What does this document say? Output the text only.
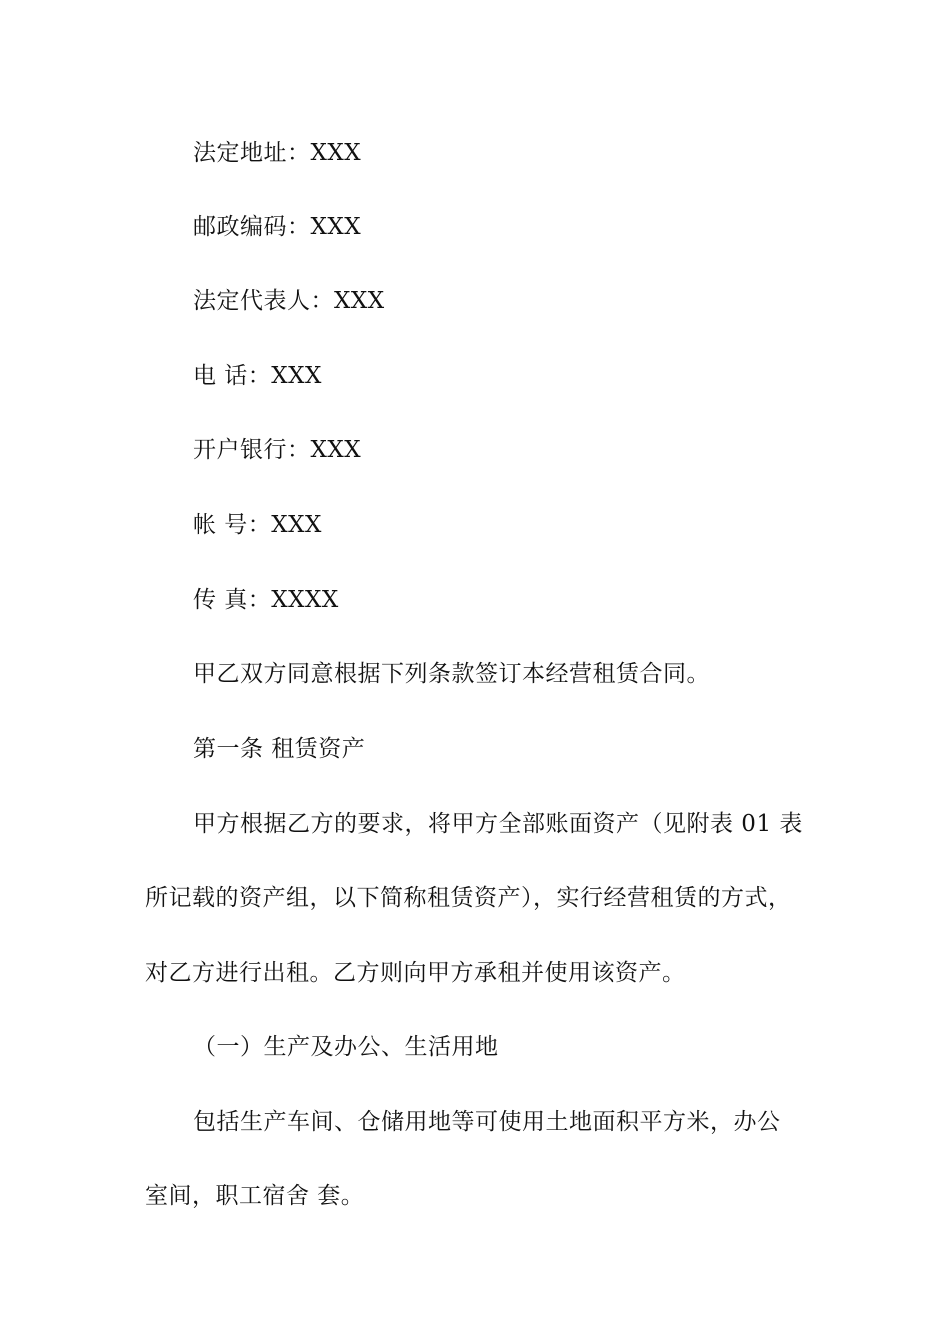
法定地址：XXX
邮政编码：XXX
法定代表人：XXX
电 话：XXX
开户银行：XXX
帐 号：XXX
传 真：XXXX
甲乙双方同意根据下列条款签订本经营租赁合同。
第一条 租赁资产
甲方根据乙方的要求，将甲方全部账面资产（见附表 01 表
所记载的资产组，以下简称租赁资产），实行经营租赁的方式，
对乙方进行出租。乙方则向甲方承租并使用该资产。
（一）生产及办公、生活用地
包括生产车间、仓储用地等可使用土地面积平方米，办公
室间，职工宿舍 套。
